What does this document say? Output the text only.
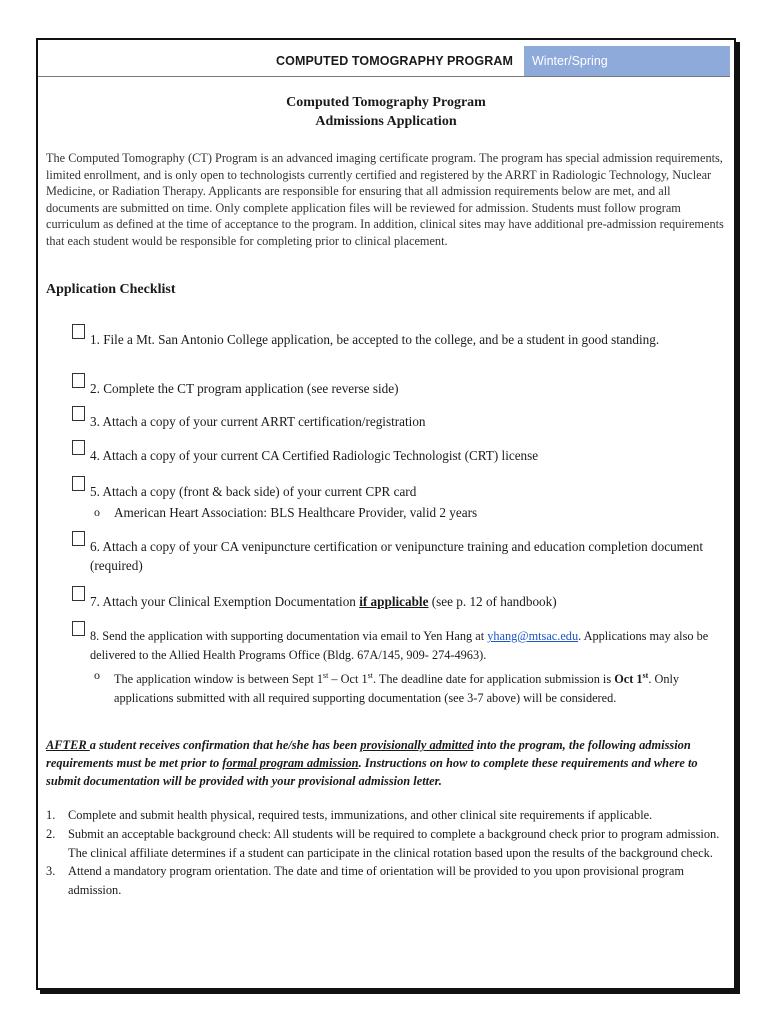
COMPUTED TOMOGRAPHY PROGRAM	Winter/Spring
Computed Tomography Program
Admissions Application
The Computed Tomography (CT) Program is an advanced imaging certificate program. The program has special admission requirements, limited enrollment, and is only open to technologists currently certified and registered by the ARRT in Radiologic Technology, Nuclear Medicine, or Radiation Therapy. Applicants are responsible for ensuring that all admission requirements below are met, and all documents are submitted on time. Only complete application files will be reviewed for admission. Students must follow program curriculum as defined at the time of acceptance to the program. In addition, clinical sites may have additional pre-admission requirements that each student would be responsible for completing prior to clinical placement.
Application Checklist
1. File a Mt. San Antonio College application, be accepted to the college, and be a student in good standing.
2. Complete the CT program application (see reverse side)
3. Attach a copy of your current ARRT certification/registration
4. Attach a copy of your current CA Certified Radiologic Technologist (CRT) license
5. Attach a copy (front & back side) of your current CPR card
o American Heart Association: BLS Healthcare Provider, valid 2 years
6. Attach a copy of your CA venipuncture certification or venipuncture training and education completion document (required)
7. Attach your Clinical Exemption Documentation if applicable (see p. 12 of handbook)
8. Send the application with supporting documentation via email to Yen Hang at yhang@mtsac.edu. Applications may also be delivered to the Allied Health Programs Office (Bldg. 67A/145, 909- 274-4963).
o The application window is between Sept 1st – Oct 1st. The deadline date for application submission is Oct 1st. Only applications submitted with all required supporting documentation (see 3-7 above) will be considered.
AFTER a student receives confirmation that he/she has been provisionally admitted into the program, the following admission requirements must be met prior to formal program admission. Instructions on how to complete these requirements and where to submit documentation will be provided with your provisional admission letter.
1. Complete and submit health physical, required tests, immunizations, and other clinical site requirements if applicable.
2. Submit an acceptable background check: All students will be required to complete a background check prior to program admission. The clinical affiliate determines if a student can participate in the clinical rotation based upon the results of the background check.
3. Attend a mandatory program orientation. The date and time of orientation will be provided to you upon provisional program admission.
